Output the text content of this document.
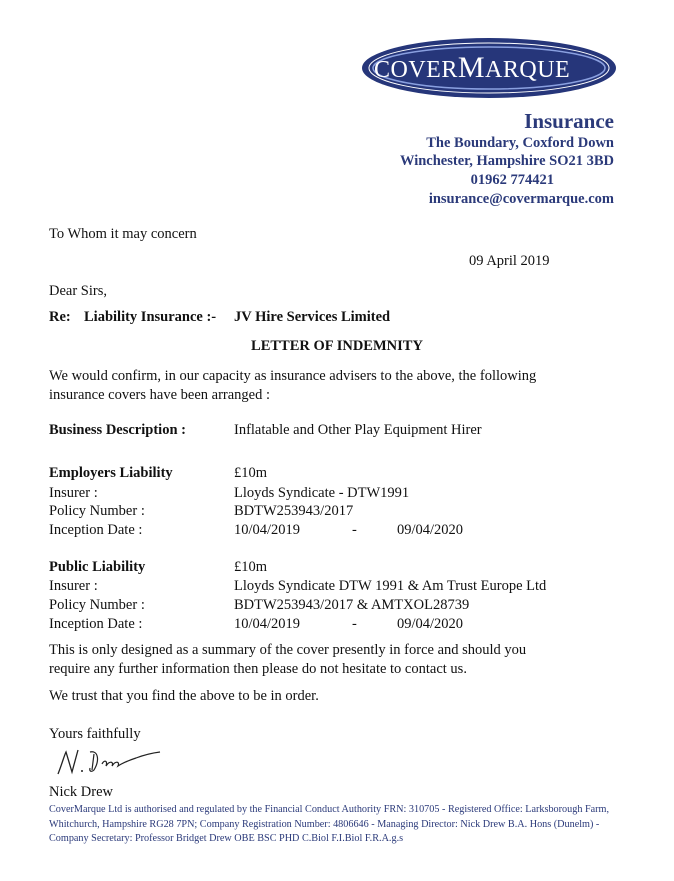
COVERMARQUE
Insurance
The Boundary, Coxford Down
Winchester, Hampshire SO21 3BD
01962 774421
insurance@covermarque.com
To Whom it may concern
09 April 2019
Dear Sirs,
Re: Liability Insurance :- JV Hire Services Limited
LETTER OF INDEMNITY
We would confirm, in our capacity as insurance advisers to the above, the following
insurance covers have been arranged :
Business Description :	Inflatable and Other Play Equipment Hirer
Employers Liability	£10m
Insurer :	Lloyds Syndicate - DTW1991
Policy Number :	BDTW253943/2017
Inception Date :	10/04/2019	-	09/04/2020
Public Liability	£10m
Insurer :	Lloyds Syndicate DTW 1991 & Am Trust Europe Ltd
Policy Number :	BDTW253943/2017 & AMTXOL28739
Inception Date :	10/04/2019	-	09/04/2020
This is only designed as a summary of the cover presently in force and should you
require any further information then please do not hesitate to contact us.
We trust that you find the above to be in order.
Yours faithfully
Nick Drew
CoverMarque Ltd is authorised and regulated by the Financial Conduct Authority FRN: 310705 - Registered Office: Larksborough Farm, Whitchurch, Hampshire RG28 7PN; Company Registration Number: 4806646 - Managing Director: Nick Drew B.A. Hons (Dunelm) - Company Secretary: Professor Bridget Drew OBE BSC PHD C.Biol F.I.Biol F.R.A.g.s
